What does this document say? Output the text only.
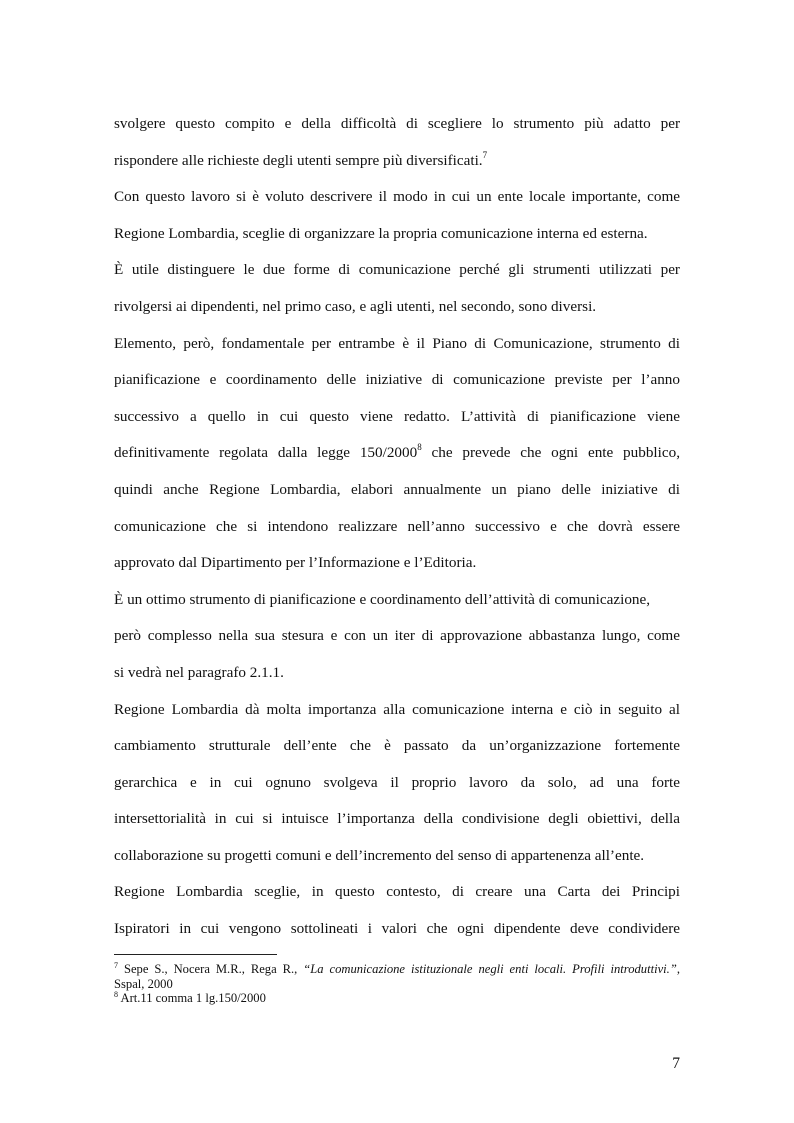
svolgere questo compito e della difficoltà di scegliere lo strumento più adatto per
rispondere alle richieste degli utenti sempre più diversificati.$^7$
Con questo lavoro si è voluto descrivere il modo in cui un ente locale importante, come
Regione Lombardia, sceglie di organizzare la propria comunicazione interna ed esterna.
È utile distinguere le due forme di comunicazione perché gli strumenti utilizzati per
rivolgersi ai dipendenti, nel primo caso, e agli utenti, nel secondo, sono diversi.
Elemento, però, fondamentale per entrambe è il Piano di Comunicazione, strumento di
pianificazione e coordinamento delle iniziative di comunicazione previste per l’anno
successivo a quello in cui questo viene redatto. L’attività di pianificazione viene
definitivamente regolata dalla legge 150/2000$^8$ che prevede che ogni ente pubblico,
quindi anche Regione Lombardia, elabori annualmente un piano delle iniziative di
comunicazione che si intendono realizzare nell’anno successivo e che dovrà essere
approvato dal Dipartimento per l’Informazione e l’Editoria.
È un ottimo strumento di pianificazione e coordinamento dell’attività di comunicazione,
però complesso nella sua stesura e con un iter di approvazione abbastanza lungo, come
si vedrà nel paragrafo 2.1.1.
Regione Lombardia dà molta importanza alla comunicazione interna e ciò in seguito al
cambiamento strutturale dell’ente che è passato da un’organizzazione fortemente
gerarchica e in cui ognuno svolgeva il proprio lavoro da solo, ad una forte
intersettorialità in cui si intuisce l’importanza della condivisione degli obiettivi, della
collaborazione su progetti comuni e dell’incremento del senso di appartenenza all’ente.
Regione Lombardia sceglie, in questo contesto, di creare una Carta dei Principi
Ispiratori in cui vengono sottolineati i valori che ogni dipendente deve condividere
$^7$ Sepe S., Nocera M.R., Rega R., “La comunicazione istituzionale negli enti locali. Profili introduttivi.”,
Sspal, 2000
$^8$ Art.11 comma 1 lg.150/2000
7
